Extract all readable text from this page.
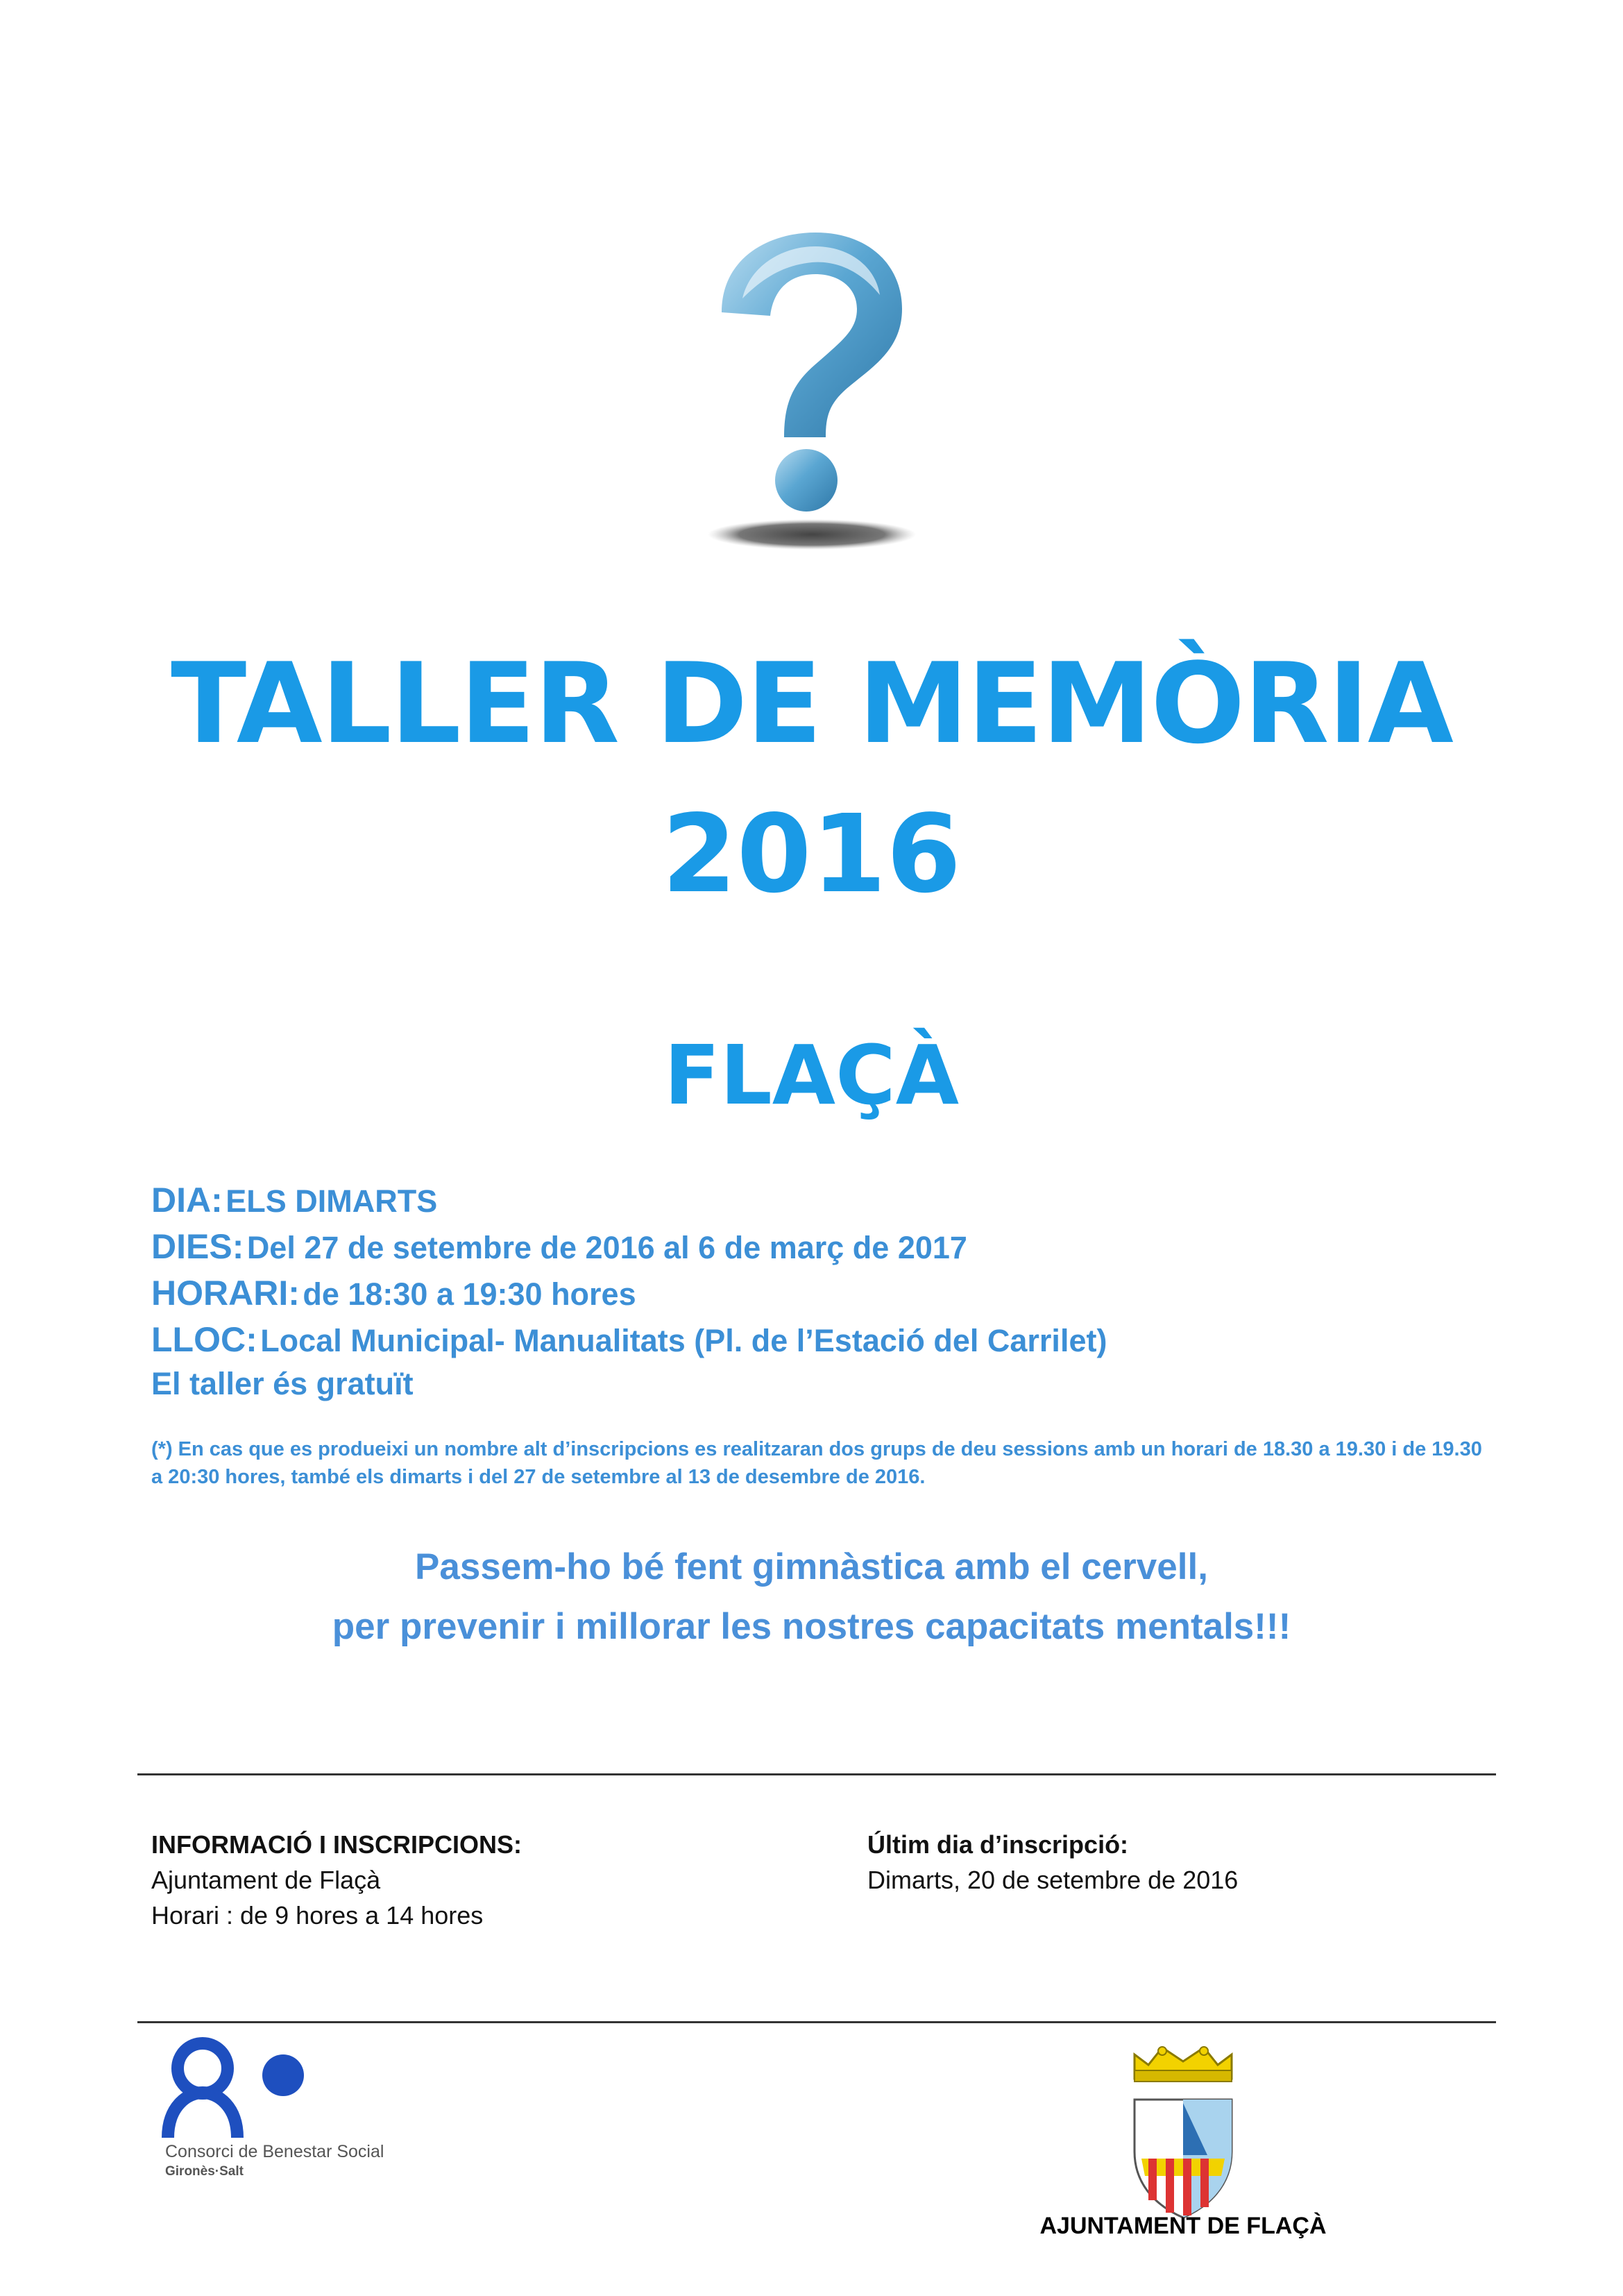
TALLER DE MEMÒRIA
2016
FLAÇÀ
DIA: ELS DIMARTS
DIES: Del 27 de setembre de 2016 al 6 de març de 2017
HORARI: de 18:30 a 19:30 hores
LLOC: Local Municipal- Manualitats (Pl. de l’Estació del Carrilet)
El taller és gratuït
(*) En cas que es produeixi un nombre alt d’inscripcions es realitzaran dos grups de deu sessions amb un horari de 18.30 a 19.30 i de 19.30 a 20:30 hores, també els dimarts i del 27 de setembre al 13 de desembre de 2016.
Passem-ho bé fent gimnàstica amb el cervell,
per prevenir i millorar les nostres capacitats mentals!!!
INFORMACIÓ I INSCRIPCIONS:
Ajuntament de Flaçà
Horari : de 9 hores a 14 hores
Últim dia d’inscripció:
Dimarts, 20 de setembre de 2016
Consorci de Benestar Social
Gironès·Salt
AJUNTAMENT DE FLAÇÀ
